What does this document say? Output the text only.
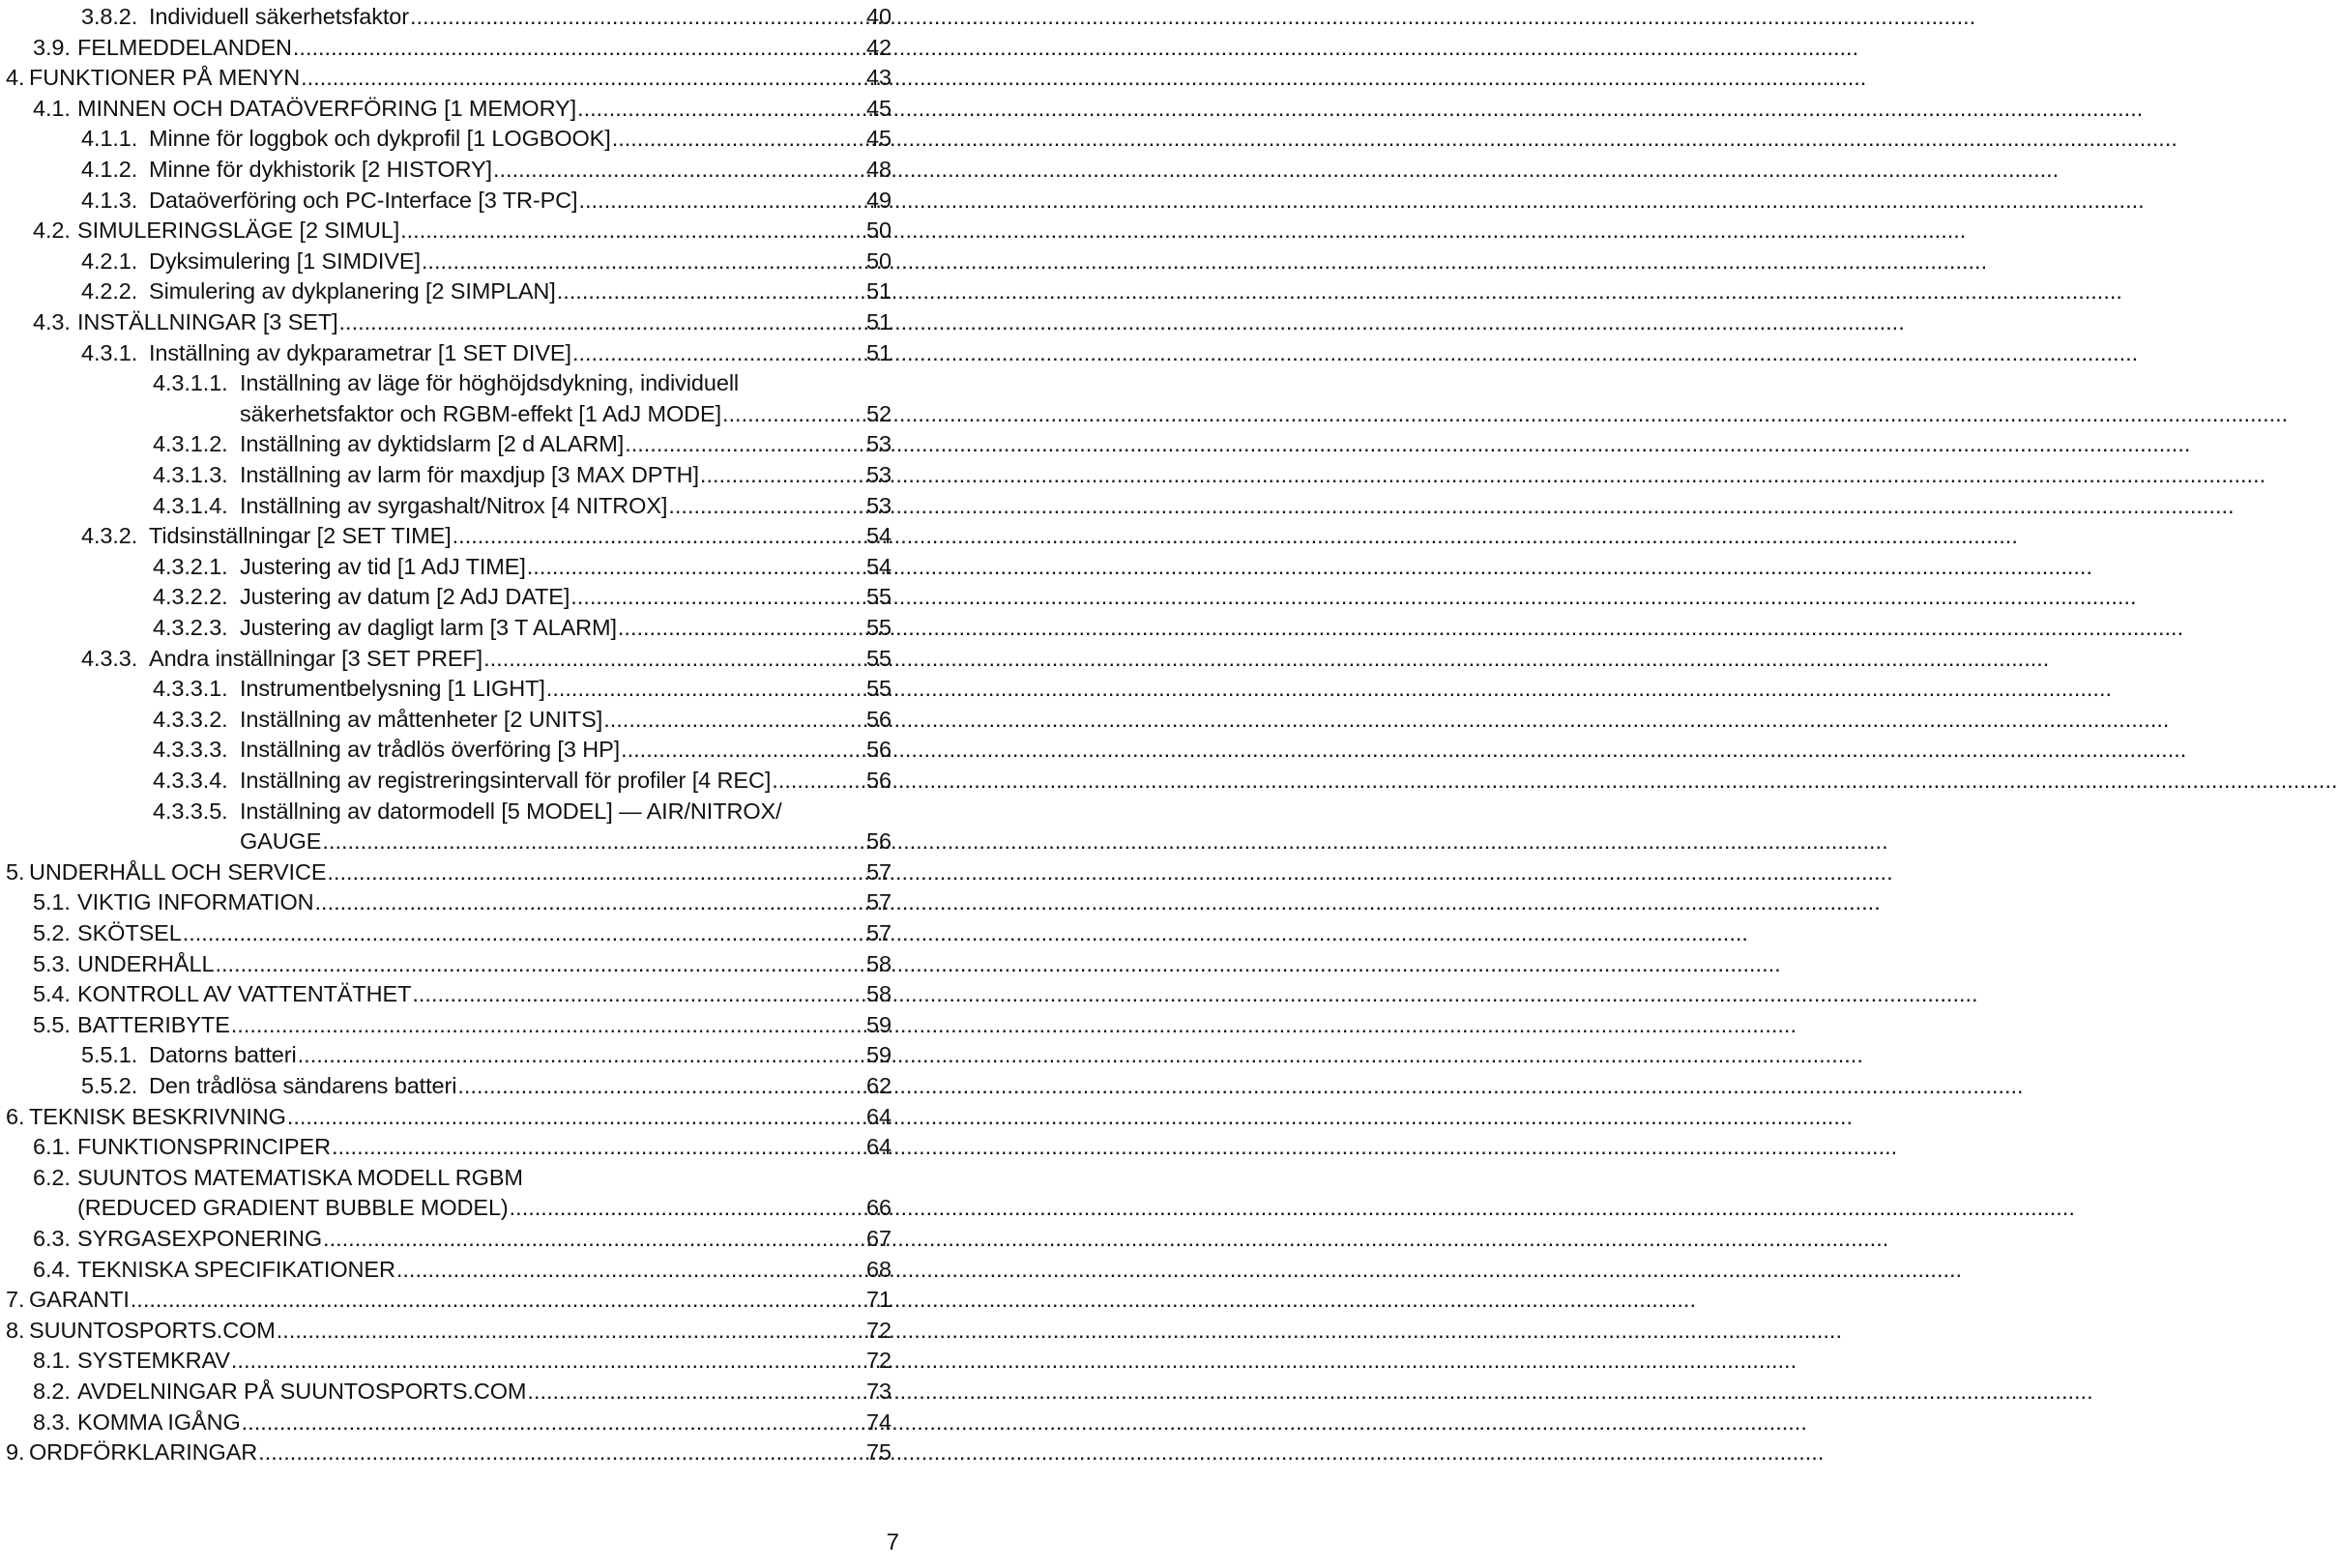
3.8.2. Individuell säkerhetsfaktor .....	40
3.9. FELMEDDELANDEN .....	42
4. FUNKTIONER PÅ MENYN .....	43
4.1. MINNEN OCH DATAÖVERFÖRING [1 MEMORY] .....	45
4.1.1. Minne för loggbok och dykprofil [1 LOGBOOK] .....	45
4.1.2. Minne för dykhistorik [2 HISTORY] .....	48
4.1.3. Dataöverföring och PC-Interface [3 TR-PC] .....	49
4.2. SIMULERINGSLÄGE [2 SIMUL] .....	50
4.2.1. Dyksimulering [1 SIMDIVE] .....	50
4.2.2. Simulering av dykplanering [2 SIMPLAN] .....	51
4.3. INSTÄLLNINGAR [3 SET] .....	51
4.3.1. Inställning av dykparametrar [1 SET DIVE] .....	51
4.3.1.1. Inställning av läge för höghöjdsdykning, individuell
säkerhetsfaktor och RGBM-effekt [1 AdJ MODE] .....	52
4.3.1.2. Inställning av dyktidslarm [2 d ALARM] .....	53
4.3.1.3. Inställning av larm för maxdjup [3 MAX DPTH] .....	53
4.3.1.4. Inställning av syrgashalt/Nitrox [4 NITROX] .....	53
4.3.2. Tidsinställningar [2 SET TIME] .....	54
4.3.2.1. Justering av tid [1 AdJ TIME] .....	54
4.3.2.2. Justering av datum [2 AdJ DATE] .....	55
4.3.2.3. Justering av dagligt larm [3 T ALARM] .....	55
4.3.3. Andra inställningar [3 SET PREF] .....	55
4.3.3.1. Instrumentbelysning [1 LIGHT] .....	55
4.3.3.2. Inställning av måttenheter [2 UNITS] .....	56
4.3.3.3. Inställning av trådlös överföring [3 HP] .....	56
4.3.3.4. Inställning av registreringsintervall för profiler [4 REC] .....	56
4.3.3.5. Inställning av datormodell [5 MODEL] — AIR/NITROX/
GAUGE .....	56
5. UNDERHÅLL OCH SERVICE .....	57
5.1. VIKTIG INFORMATION .....	57
5.2. SKÖTSEL .....	57
5.3. UNDERHÅLL .....	58
5.4. KONTROLL AV VATTENTÄTHET .....	58
5.5. BATTERIBYTE .....	59
5.5.1. Datorns batteri .....	59
5.5.2. Den trådlösa sändarens batteri .....	62
6. TEKNISK BESKRIVNING .....	64
6.1. FUNKTIONSPRINCIPER .....	64
6.2. SUUNTOS MATEMATISKA MODELL RGBM
(REDUCED GRADIENT BUBBLE MODEL) .....	66
6.3. SYRGASEXPONERING .....	67
6.4. TEKNISKA SPECIFIKATIONER .....	68
7. GARANTI .....	71
8. SUUNTOSPORTS.COM .....	72
8.1. SYSTEMKRAV .....	72
8.2. AVDELNINGAR PÅ SUUNTOSPORTS.COM .....	73
8.3. KOMMA IGÅNG .....	74
9. ORDFÖRKLARINGAR .....	75
7
